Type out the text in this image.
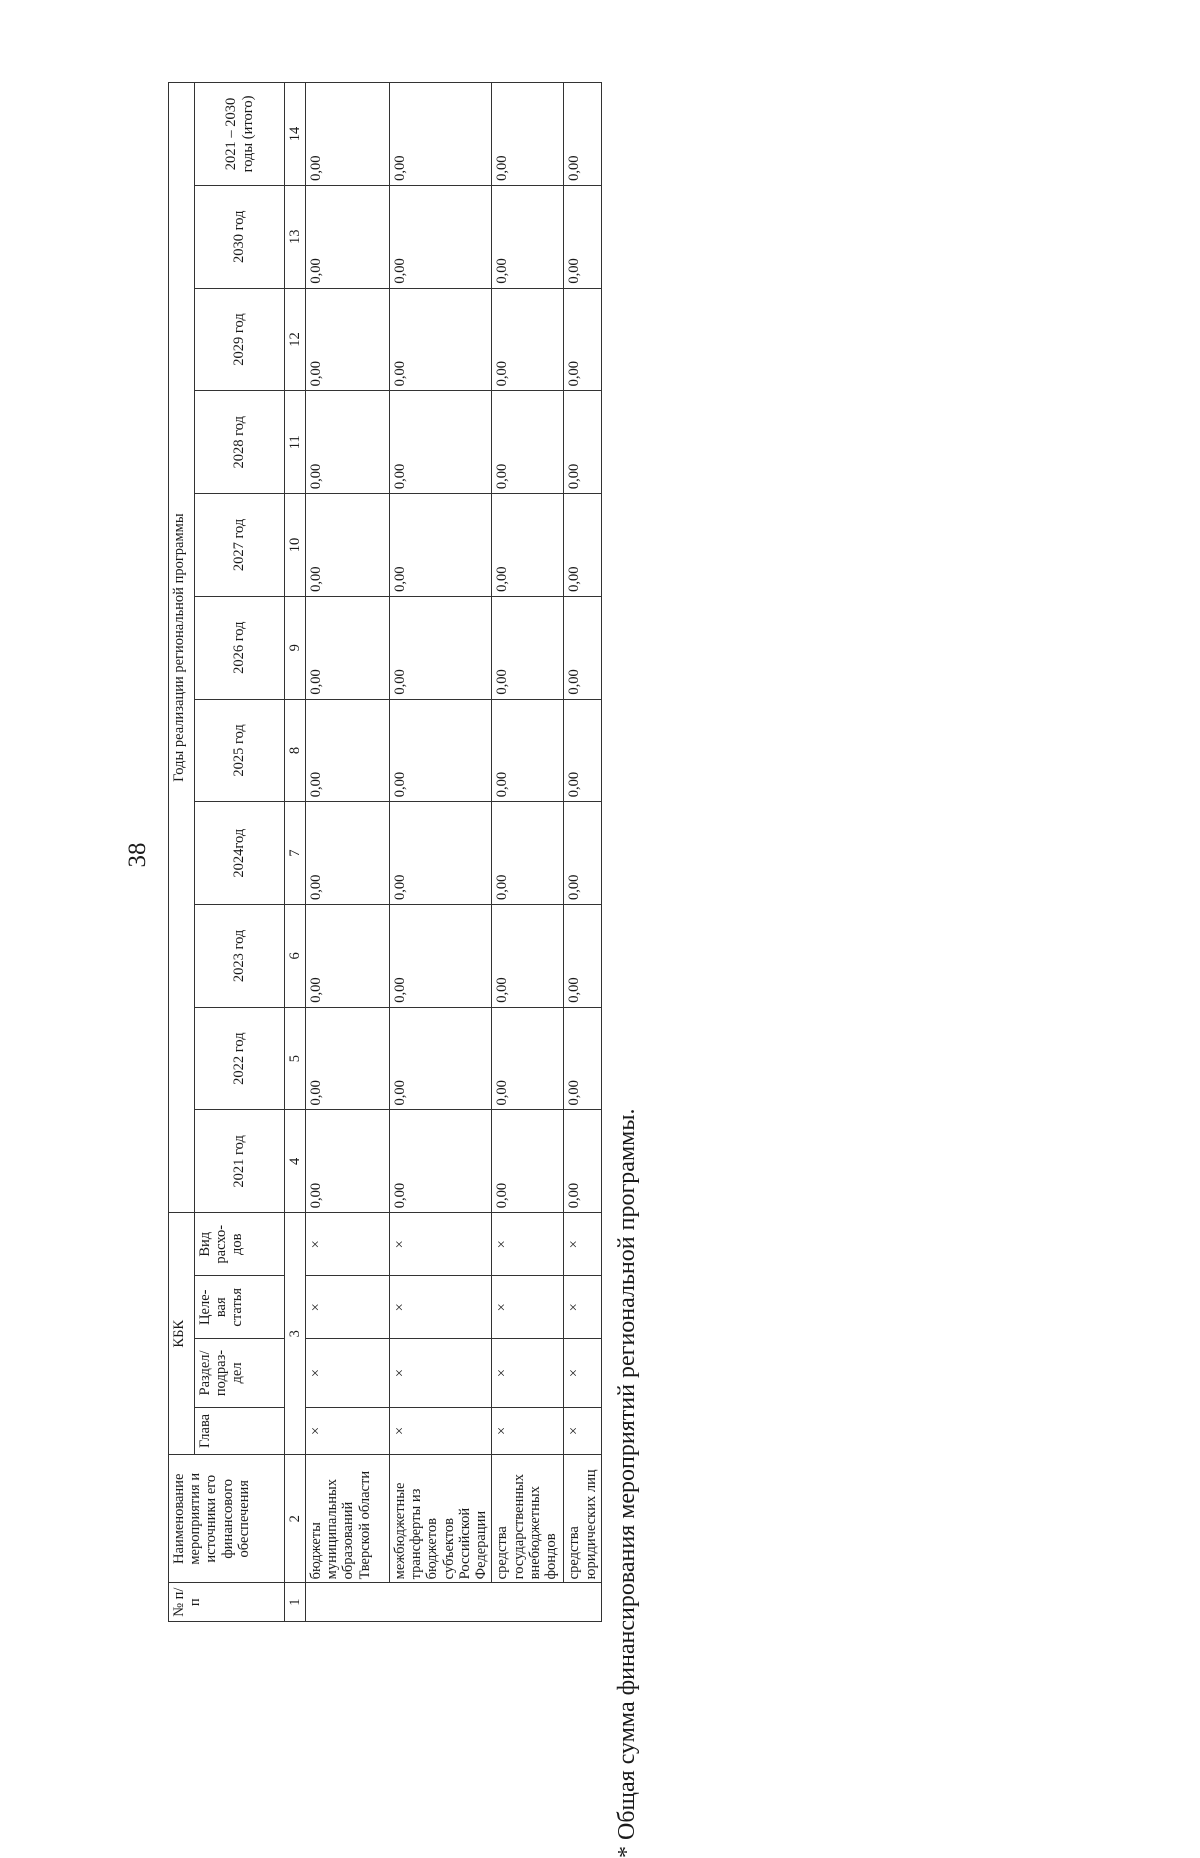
38
* Общая сумма финансирования мероприятий региональной программы.
№ п/п	Наименование мероприятия и источники его финансового обеспечения	КБК				Годы реализации региональной программы										
		Глава	Раздел/ подраз- дел	Целе- вая статья	Вид расхо- дов	2021 год	2022 год	2023 год	2024год	2025 год	2026 год	2027 год	2028 год	2029 год	2030 год	2021 – 2030 годы (итого)
1	2	3				4	5	6	7	8	9	10	11	12	13	14
	бюджеты муниципальных образований Тверской области	×	×	×	×	0,00	0,00	0,00	0,00	0,00	0,00	0,00	0,00	0,00	0,00	0,00
	межбюджетные трансферты из бюджетов субъектов Российской Федерации	×	×	×	×	0,00	0,00	0,00	0,00	0,00	0,00	0,00	0,00	0,00	0,00	0,00
	средства государственных внебюджетных фондов	×	×	×	×	0,00	0,00	0,00	0,00	0,00	0,00	0,00	0,00	0,00	0,00	0,00
	средства юридических лиц	×	×	×	×	0,00	0,00	0,00	0,00	0,00	0,00	0,00	0,00	0,00	0,00	0,00
